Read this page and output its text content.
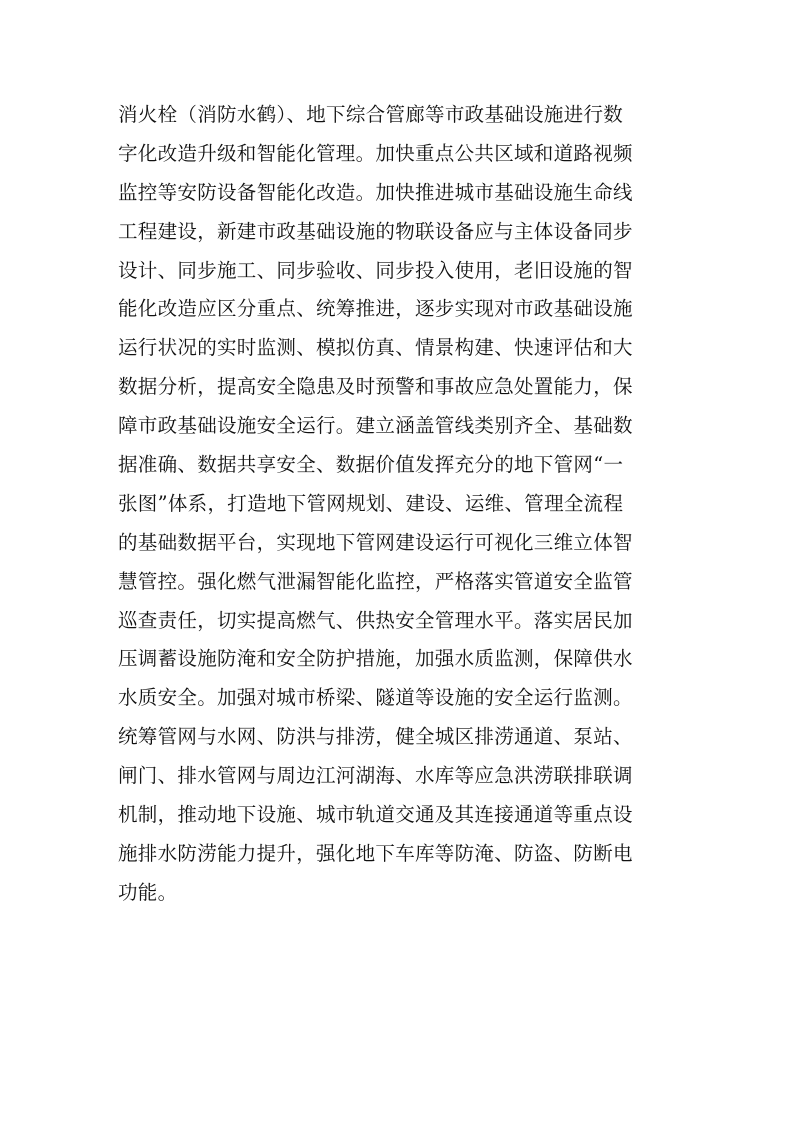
消火栓（消防水鹤）、地下综合管廊等市政基础设施进行数
字化改造升级和智能化管理。加快重点公共区域和道路视频
监控等安防设备智能化改造。加快推进城市基础设施生命线
工程建设，新建市政基础设施的物联设备应与主体设备同步
设计、同步施工、同步验收、同步投入使用，老旧设施的智
能化改造应区分重点、统筹推进，逐步实现对市政基础设施
运行状况的实时监测、模拟仿真、情景构建、快速评估和大
数据分析，提高安全隐患及时预警和事故应急处置能力，保
障市政基础设施安全运行。建立涵盖管线类别齐全、基础数
据准确、数据共享安全、数据价值发挥充分的地下管网“一
张图”体系，打造地下管网规划、建设、运维、管理全流程
的基础数据平台，实现地下管网建设运行可视化三维立体智
慧管控。强化燃气泄漏智能化监控，严格落实管道安全监管
巡查责任，切实提高燃气、供热安全管理水平。落实居民加
压调蓄设施防淹和安全防护措施，加强水质监测，保障供水
水质安全。加强对城市桥梁、隧道等设施的安全运行监测。
统筹管网与水网、防洪与排涝，健全城区排涝通道、泵站、
闸门、排水管网与周边江河湖海、水库等应急洪涝联排联调
机制，推动地下设施、城市轨道交通及其连接通道等重点设
施排水防涝能力提升，强化地下车库等防淹、防盗、防断电
功能。
